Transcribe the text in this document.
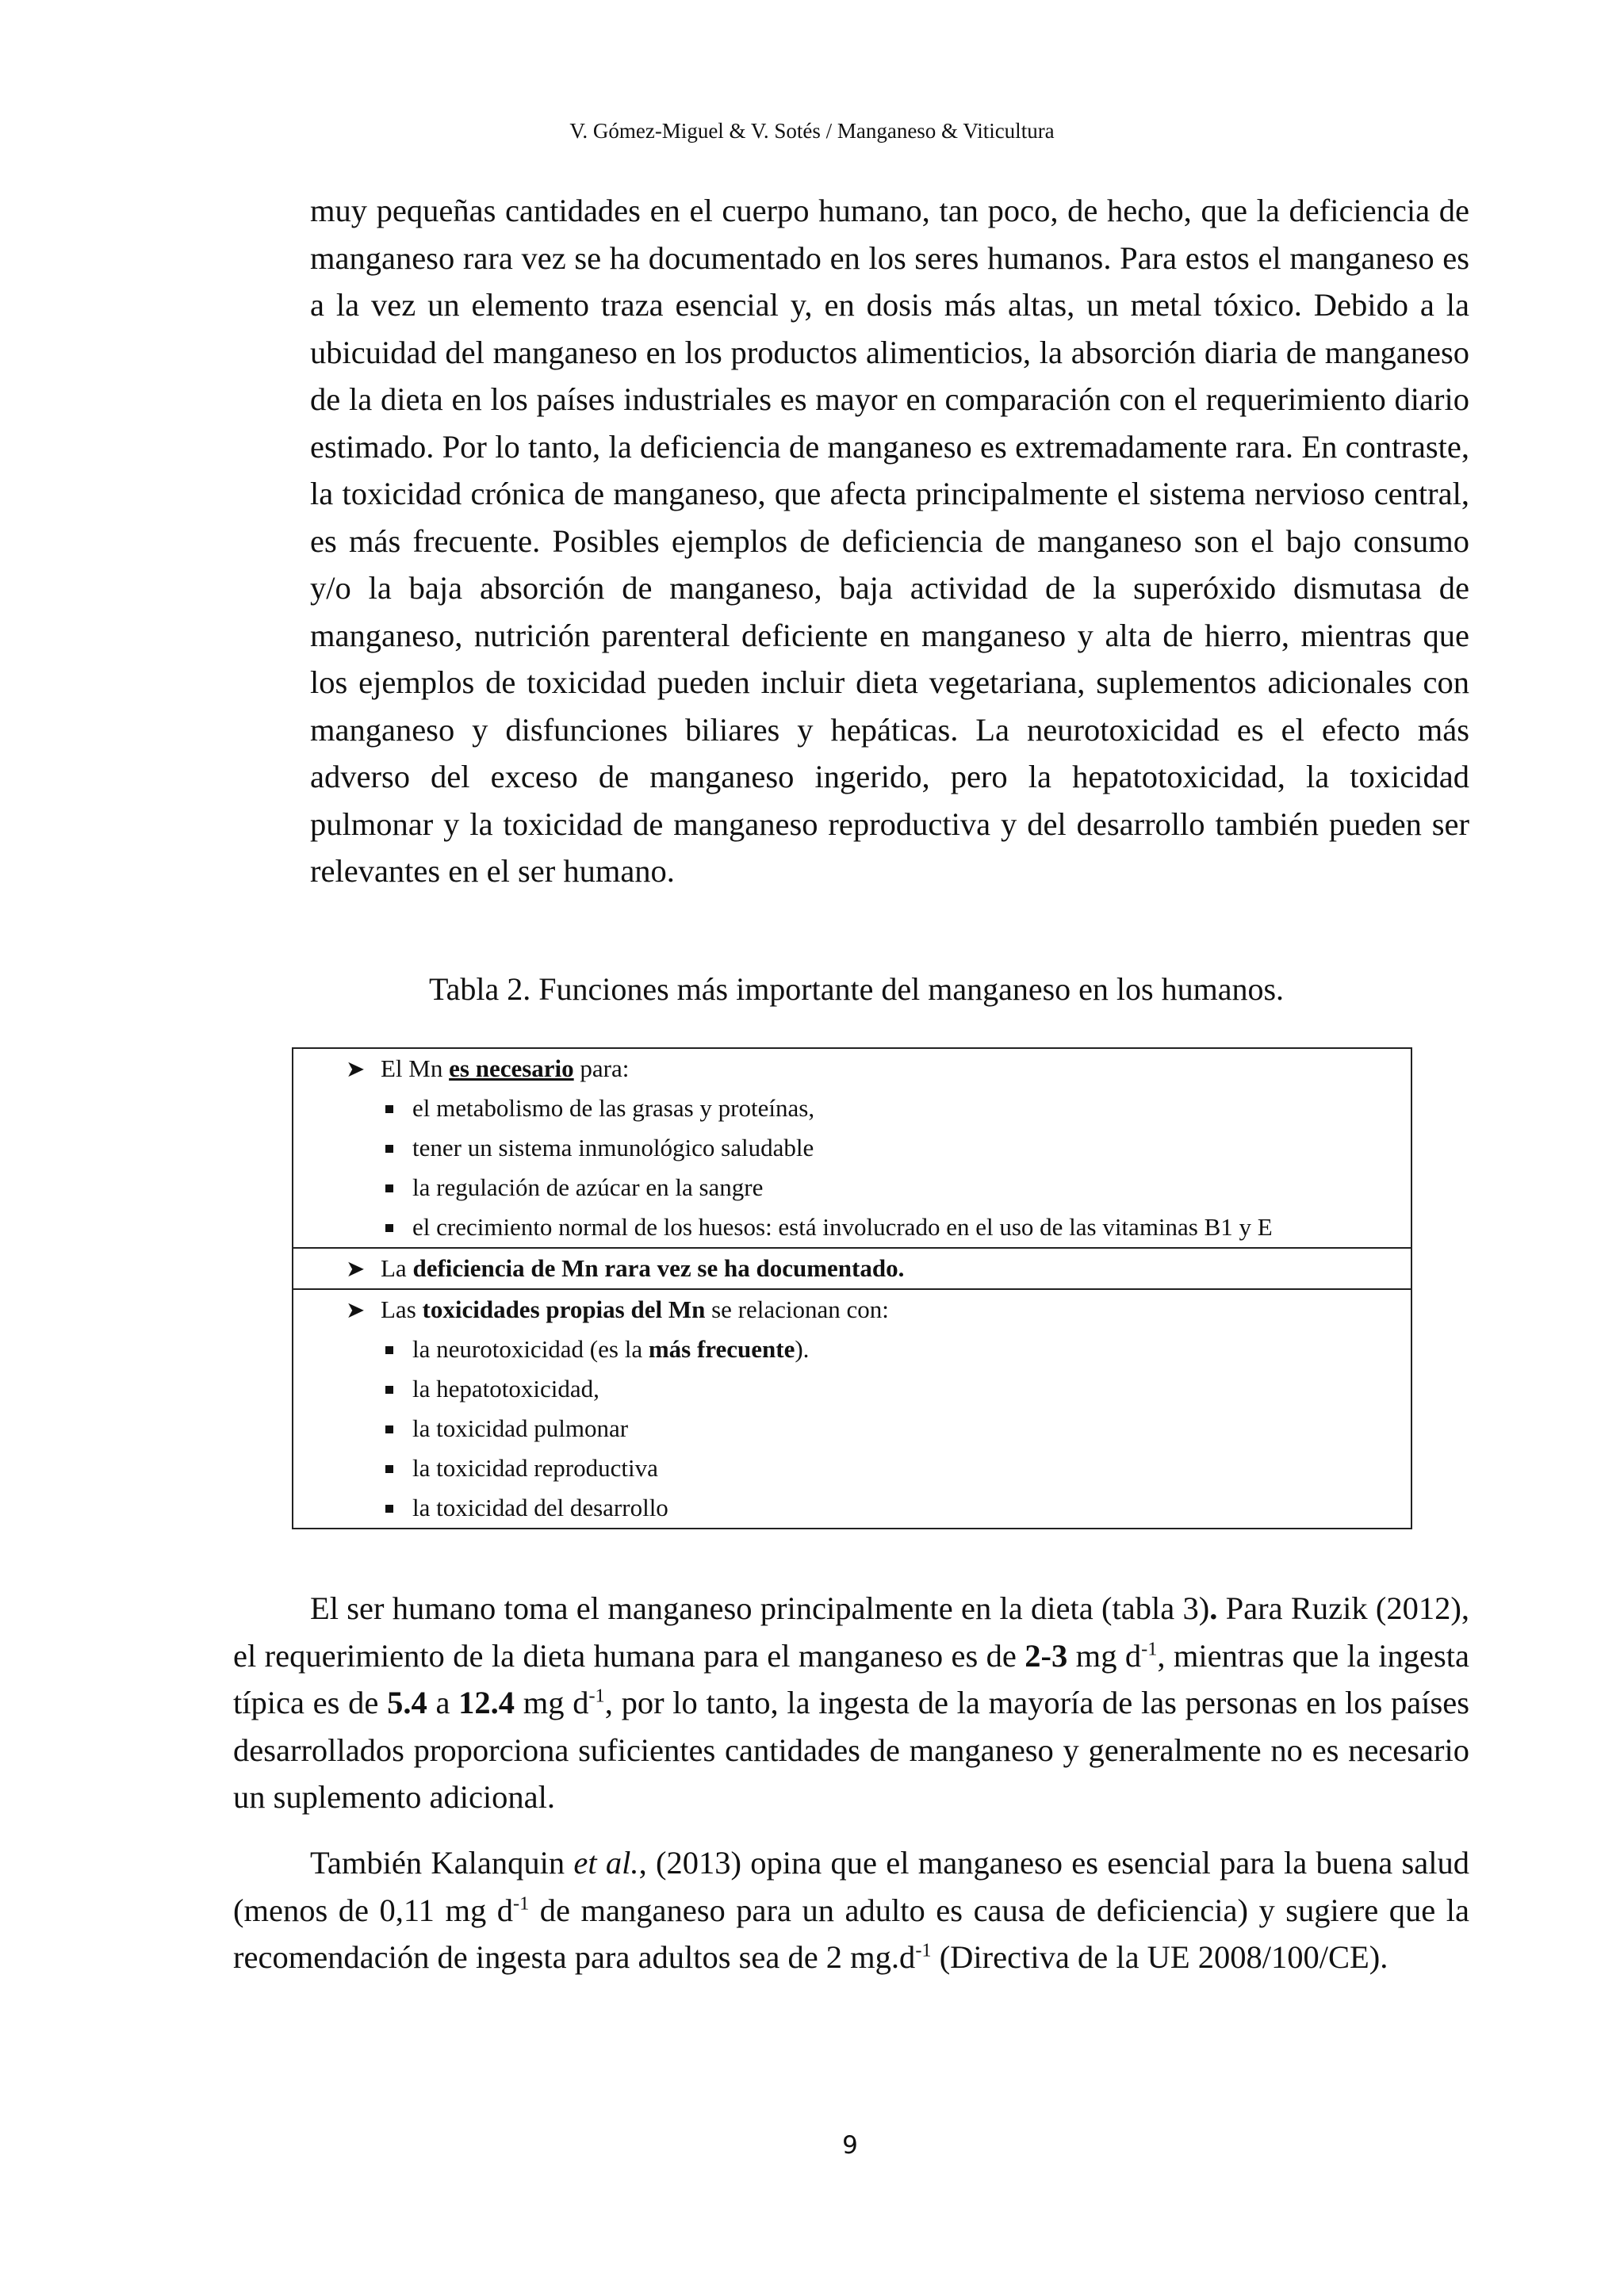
V. Gómez-Miguel & V. Sotés / Manganeso & Viticultura

muy pequeñas cantidades en el cuerpo humano, tan poco, de hecho, que la deficiencia de manganeso rara vez se ha documentado en los seres humanos. Para estos el manganeso es a la vez un elemento traza esencial y, en dosis más altas, un metal tóxico. Debido a la ubicuidad del manganeso en los productos alimenticios, la absorción diaria de manganeso de la dieta en los países industriales es mayor en comparación con el requerimiento diario estimado. Por lo tanto, la deficiencia de manganeso es extremadamente rara. En contraste, la toxicidad crónica de manganeso, que afecta principalmente el sistema nervioso central, es más frecuente. Posibles ejemplos de deficiencia de manganeso son el bajo consumo y/o la baja absorción de manganeso, baja actividad de la superóxido dismutasa de manganeso, nutrición parenteral deficiente en manganeso y alta de hierro, mientras que los ejemplos de toxicidad pueden incluir dieta vegetariana, suplementos adicionales con manganeso y disfunciones biliares y hepáticas. La neurotoxicidad es el efecto más adverso del exceso de manganeso ingerido, pero la hepatotoxicidad, la toxicidad pulmonar y la toxicidad de manganeso reproductiva y del desarrollo también pueden ser relevantes en el ser humano.

Tabla 2. Funciones más importante del manganeso en los humanos.
➤ El Mn es necesario para:
el metabolismo de las grasas y proteínas,
tener un sistema inmunológico saludable
la regulación de azúcar en la sangre
el crecimiento normal de los huesos: está involucrado en el uso de las vitaminas B1 y E
➤ La deficiencia de Mn rara vez se ha documentado.
➤ Las toxicidades propias del Mn se relacionan con:
la neurotoxicidad (es la más frecuente).
la hepatotoxicidad,
la toxicidad pulmonar
la toxicidad reproductiva
la toxicidad del desarrollo

El ser humano toma el manganeso principalmente en la dieta (tabla 3). Para Ruzik (2012), el requerimiento de la dieta humana para el manganeso es de 2-3 mg $d^{-1}$, mientras que la ingesta típica es de 5.4 a 12.4 mg $d^{-1}$, por lo tanto, la ingesta de la mayoría de las personas en los países desarrollados proporciona suficientes cantidades de manganeso y generalmente no es necesario un suplemento adicional.

También Kalanquin et al., (2013) opina que el manganeso es esencial para la buena salud (menos de 0,11 mg $d^{-1}$ de manganeso para un adulto es causa de deficiencia) y sugiere que la recomendación de ingesta para adultos sea de 2 $mg.d^{-1}$ (Directiva de la UE 2008/100/CE).

9
